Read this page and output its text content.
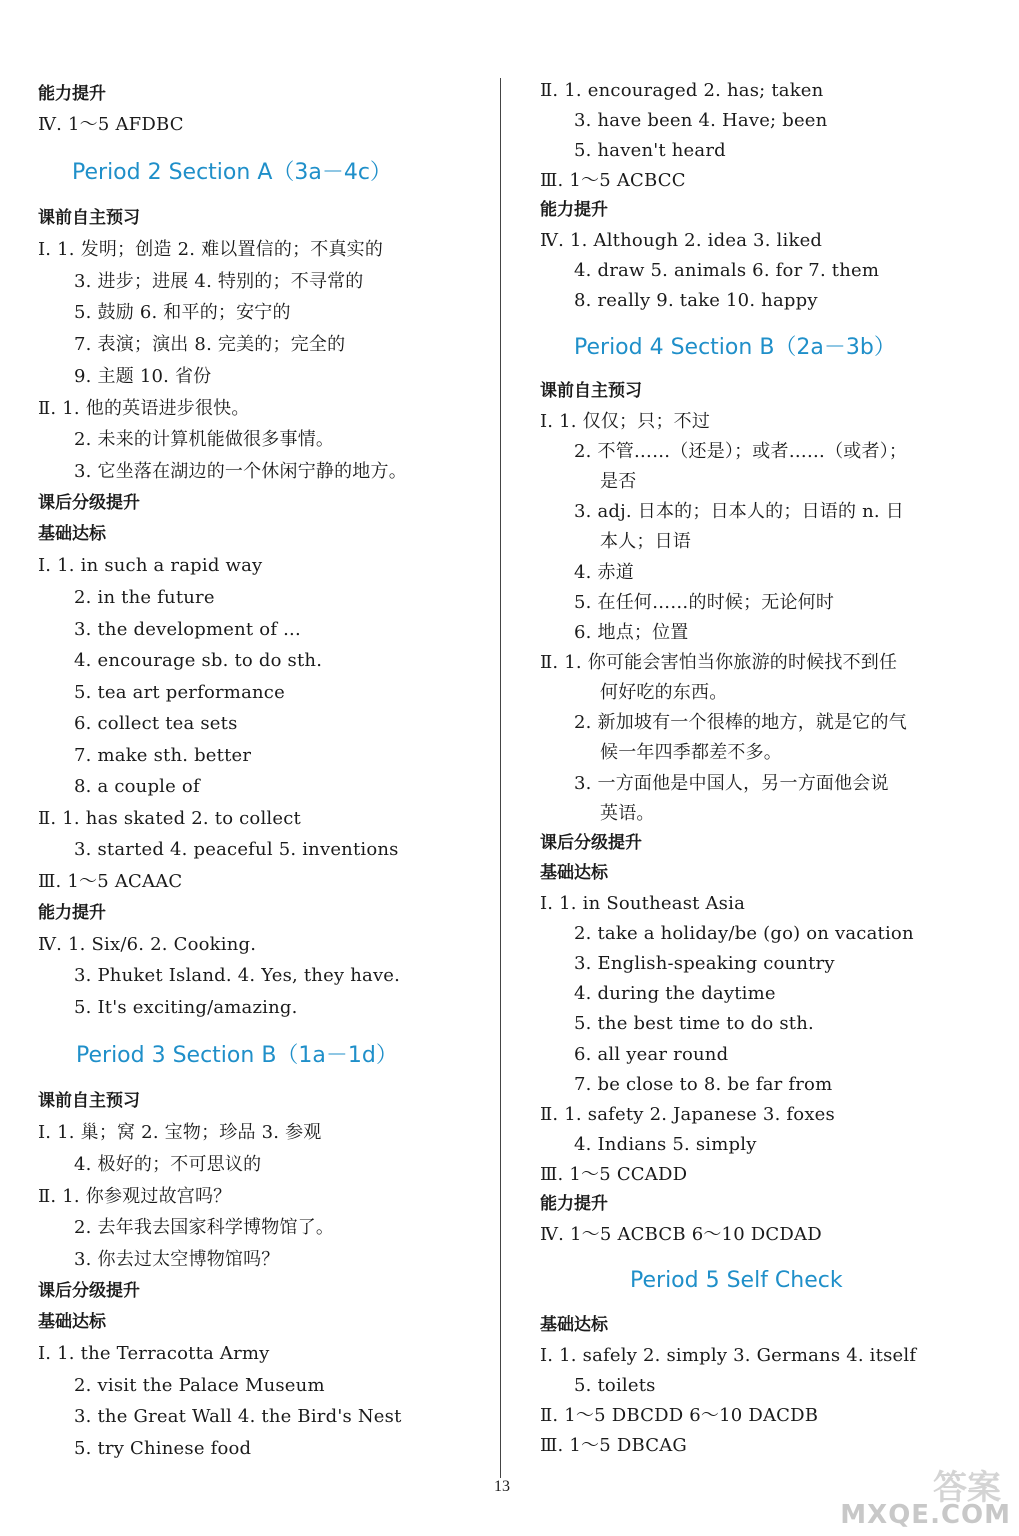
能力提升
Ⅳ. 1～5 AFDBC
Period 2 Section A（3a－4c）
课前自主预习
Ⅰ. 1. 发明；创造 2. 难以置信的；不真实的
3. 进步；进展 4. 特别的；不寻常的
5. 鼓励 6. 和平的；安宁的
7. 表演；演出 8. 完美的；完全的
9. 主题 10. 省份
Ⅱ. 1. 他的英语进步很快。
2. 未来的计算机能做很多事情。
3. 它坐落在湖边的一个休闲宁静的地方。
课后分级提升
基础达标
Ⅰ. 1. in such a rapid way
2. in the future
3. the development of ...
4. encourage sb. to do sth.
5. tea art performance
6. collect tea sets
7. make sth. better
8. a couple of
Ⅱ. 1. has skated 2. to collect
3. started 4. peaceful 5. inventions
Ⅲ. 1～5 ACAAC
能力提升
Ⅳ. 1. Six/6. 2. Cooking.
3. Phuket Island. 4. Yes, they have.
5. It's exciting/amazing.
Period 3 Section B（1a－1d）
课前自主预习
Ⅰ. 1. 巢；窝 2. 宝物；珍品 3. 参观
4. 极好的；不可思议的
Ⅱ. 1. 你参观过故宫吗？
2. 去年我去国家科学博物馆了。
3. 你去过太空博物馆吗？
课后分级提升
基础达标
Ⅰ. 1. the Terracotta Army
2. visit the Palace Museum
3. the Great Wall 4. the Bird's Nest
5. try Chinese food
Ⅱ. 1. encouraged 2. has; taken
3. have been 4. Have; been
5. haven't heard
Ⅲ. 1～5 ACBCC
能力提升
Ⅳ. 1. Although 2. idea 3. liked
4. draw 5. animals 6. for 7. them
8. really 9. take 10. happy
Period 4 Section B（2a－3b）
课前自主预习
Ⅰ. 1. 仅仅；只；不过
2. 不管……（还是）；或者……（或者）；
是否
3. adj. 日本的；日本人的；日语的 n. 日
本人；日语
4. 赤道
5. 在任何……的时候；无论何时
6. 地点；位置
Ⅱ. 1. 你可能会害怕当你旅游的时候找不到任
何好吃的东西。
2. 新加坡有一个很棒的地方，就是它的气
候一年四季都差不多。
3. 一方面他是中国人，另一方面他会说
英语。
课后分级提升
基础达标
Ⅰ. 1. in Southeast Asia
2. take a holiday/be (go) on vacation
3. English-speaking country
4. during the daytime
5. the best time to do sth.
6. all year round
7. be close to 8. be far from
Ⅱ. 1. safety 2. Japanese 3. foxes
4. Indians 5. simply
Ⅲ. 1～5 CCADD
能力提升
Ⅳ. 1～5 ACBCB 6～10 DCDAD
Period 5 Self Check
基础达标
Ⅰ. 1. safely 2. simply 3. Germans 4. itself
5. toilets
Ⅱ. 1～5 DBCDD 6～10 DACDB
Ⅲ. 1～5 DBCAG
13	答案
MXQE.COM
